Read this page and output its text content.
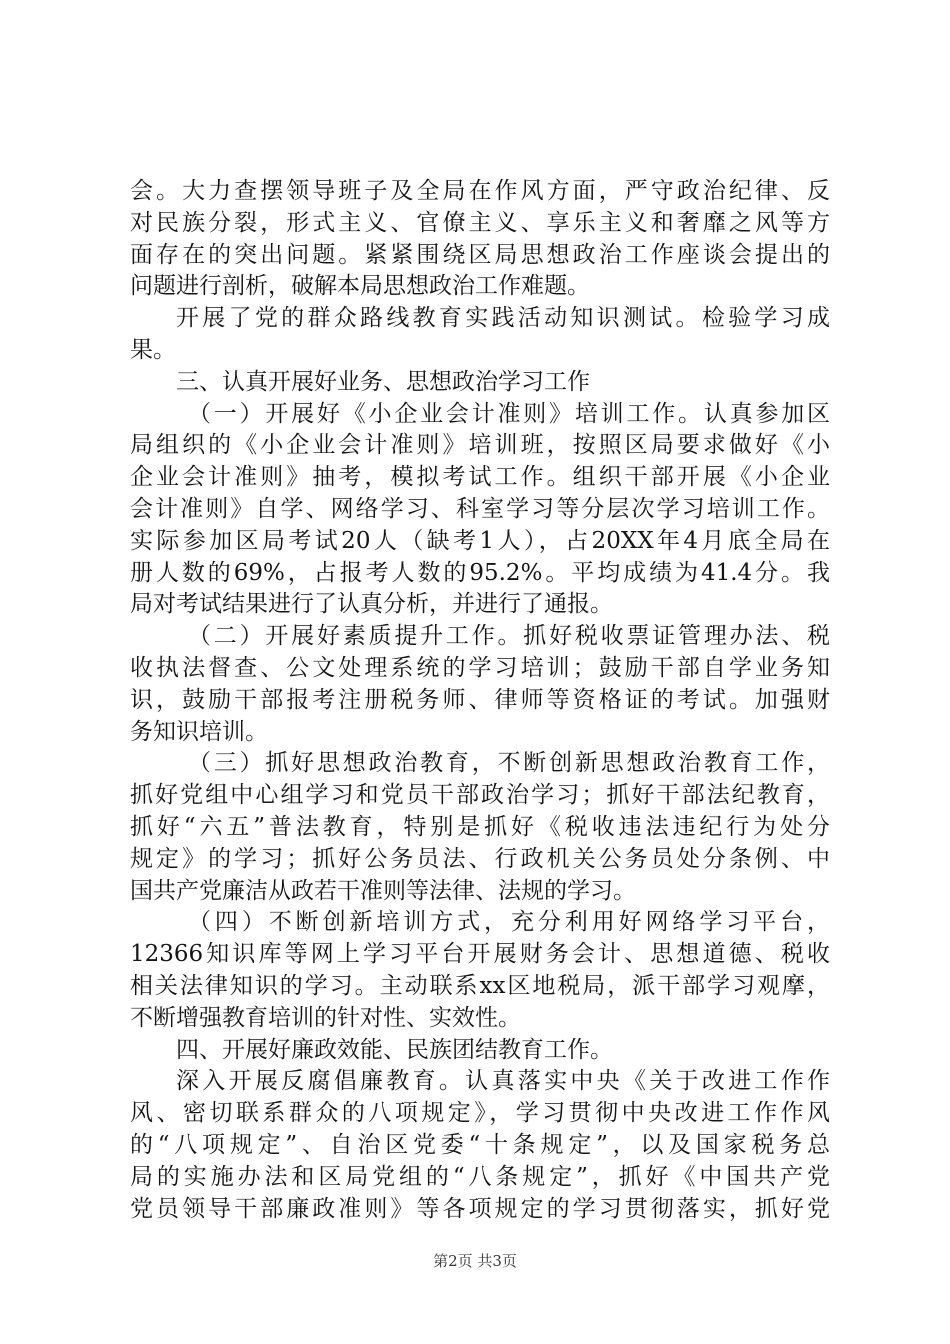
会。大力查摆领导班子及全局在作风方面，严守政治纪律、反
对民族分裂，形式主义、官僚主义、享乐主义和奢靡之风等方
面存在的突出问题。紧紧围绕区局思想政治工作座谈会提出的
问题进行剖析，破解本局思想政治工作难题。
开展了党的群众路线教育实践活动知识测试。检验学习成
果。
三、认真开展好业务、思想政治学习工作
（一）开展好《小企业会计准则》培训工作。认真参加区
局组织的《小企业会计准则》培训班，按照区局要求做好《小
企业会计准则》抽考，模拟考试工作。组织干部开展《小企业
会计准则》自学、网络学习、科室学习等分层次学习培训工作。
实际参加区局考试20人（缺考1人），占20XX年4月底全局在
册人数的69%，占报考人数的95.2%。平均成绩为41.4分。我
局对考试结果进行了认真分析，并进行了通报。
（二）开展好素质提升工作。抓好税收票证管理办法、税
收执法督查、公文处理系统的学习培训；鼓励干部自学业务知
识，鼓励干部报考注册税务师、律师等资格证的考试。加强财
务知识培训。
（三）抓好思想政治教育，不断创新思想政治教育工作，
抓好党组中心组学习和党员干部政治学习；抓好干部法纪教育，
抓好“六五”普法教育，特别是抓好《税收违法违纪行为处分
规定》的学习；抓好公务员法、行政机关公务员处分条例、中
国共产党廉洁从政若干准则等法律、法规的学习。
（四）不断创新培训方式，充分利用好网络学习平台，
12366知识库等网上学习平台开展财务会计、思想道德、税收
相关法律知识的学习。主动联系xx区地税局，派干部学习观摩，
不断增强教育培训的针对性、实效性。
四、开展好廉政效能、民族团结教育工作。
深入开展反腐倡廉教育。认真落实中央《关于改进工作作
风、密切联系群众的八项规定》，学习贯彻中央改进工作作风
的“八项规定”、自治区党委“十条规定”，以及国家税务总
局的实施办法和区局党组的“八条规定”，抓好《中国共产党
党员领导干部廉政准则》等各项规定的学习贯彻落实，抓好党
第2页 共3页
